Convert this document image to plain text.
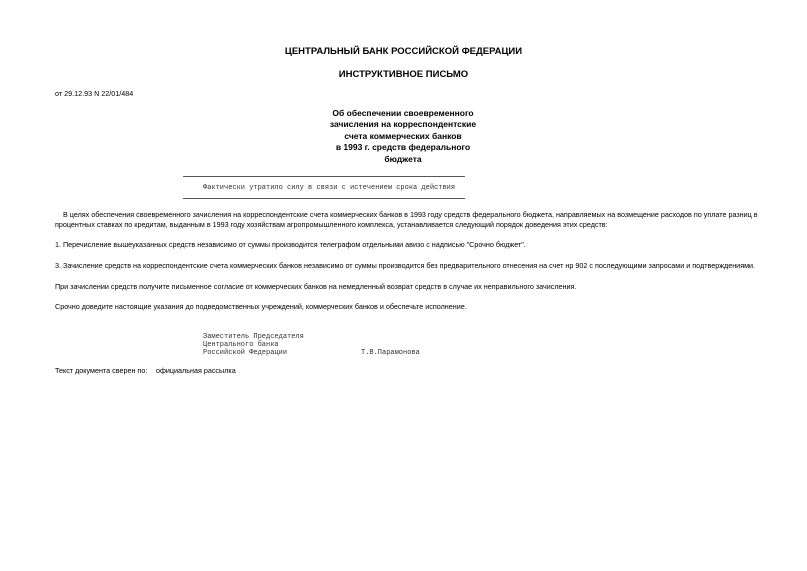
ЦЕНТРАЛЬНЫЙ БАНК РОССИЙСКОЙ ФЕДЕРАЦИИ
ИНСТРУКТИВНОЕ ПИСЬМО
от 29.12.93 N 22/01/484
Об обеспечении своевременного
зачисления на корреспондентские
счета коммерческих банков
в 1993 г. средств федерального
бюджета
Фактически утратило силу в связи с истечением срока действия

В целях обеспечения своевременного зачисления на корреспондентские счета коммерческих банков в 1993 году средств федерального бюджета, направляемых на возмещение расходов по уплате разниц в процентных ставках по кредитам, выданным в 1993 году хозяйствам агропромышленного комплекса, устанавливается следующий порядок доведения этих средств:

1. Перечисление вышеуказанных средств независимо от суммы производится телеграфом отдельными авизо с надписью "Срочно бюджет".

3. Зачисление средств на корреспондентские счета коммерческих банков независимо от суммы производится без предварительного отнесения на счет нр 902 с последующими запросами и подтверждениями.

При зачислении средств получите письменное согласие от коммерческих банков на немедленный возврат средств в случае их неправильного зачисления.

Срочно доведите настоящие указания до подведомственных учреждений, коммерческих банков и обеспечьте исполнение.

Заместитель Председателя
Центрального банка
Российской Федерации	Т.В.Парамонова
Текст документа сверен по: официальная рассылка
